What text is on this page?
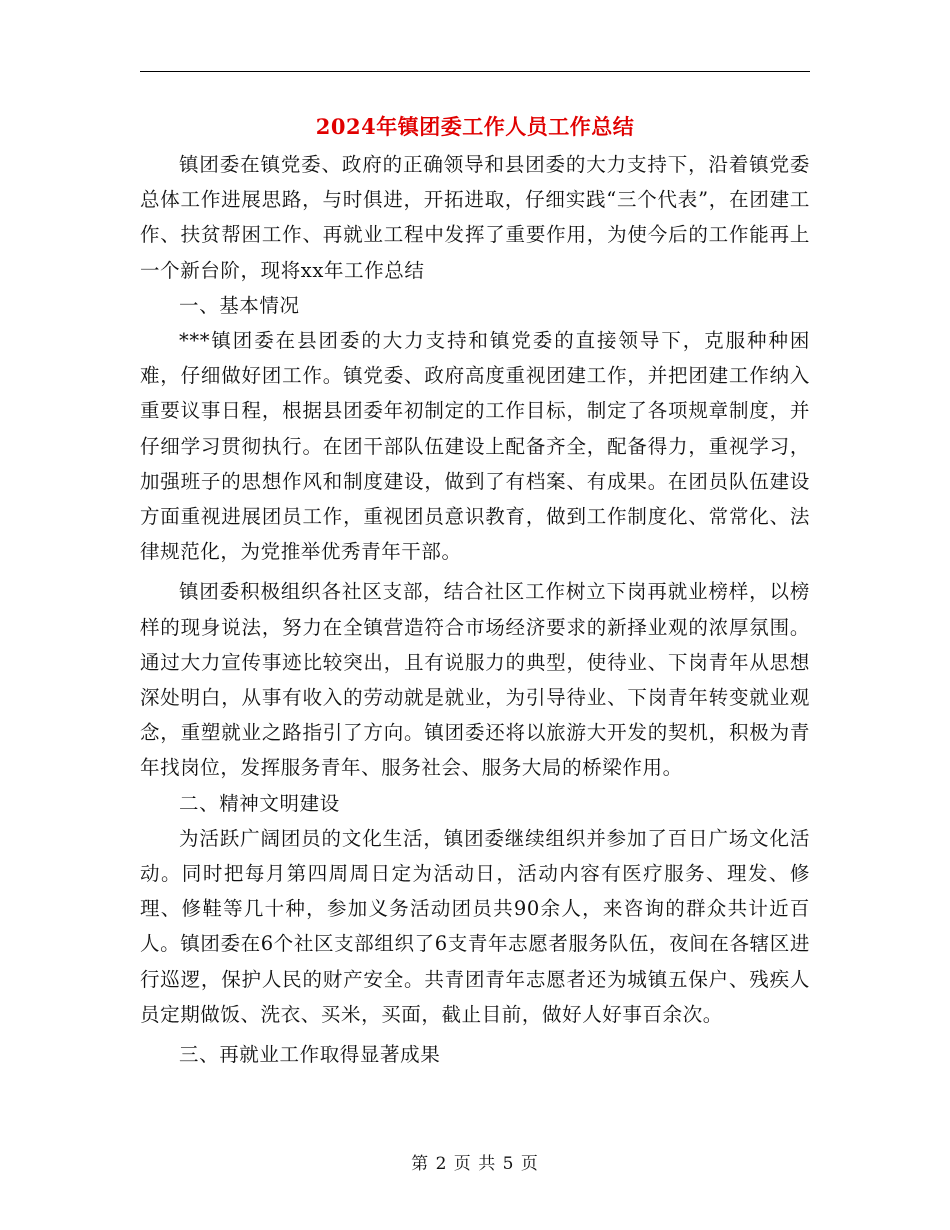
2024年镇团委工作人员工作总结

镇团委在镇党委、政府的正确领导和县团委的大力支持下，沿着镇党委总体工作进展思路，与时俱进，开拓进取，仔细实践“三个代表”，在团建工作、扶贫帮困工作、再就业工程中发挥了重要作用，为使今后的工作能再上一个新台阶，现将xx年工作总结

一、基本情况

***镇团委在县团委的大力支持和镇党委的直接领导下，克服种种困难，仔细做好团工作。镇党委、政府高度重视团建工作，并把团建工作纳入重要议事日程，根据县团委年初制定的工作目标，制定了各项规章制度，并仔细学习贯彻执行。在团干部队伍建设上配备齐全，配备得力，重视学习，加强班子的思想作风和制度建设，做到了有档案、有成果。在团员队伍建设方面重视进展团员工作，重视团员意识教育，做到工作制度化、常常化、法律规范化，为党推举优秀青年干部。

镇团委积极组织各社区支部，结合社区工作树立下岗再就业榜样，以榜样的现身说法，努力在全镇营造符合市场经济要求的新择业观的浓厚氛围。通过大力宣传事迹比较突出，且有说服力的典型，使待业、下岗青年从思想深处明白，从事有收入的劳动就是就业，为引导待业、下岗青年转变就业观念，重塑就业之路指引了方向。镇团委还将以旅游大开发的契机，积极为青年找岗位，发挥服务青年、服务社会、服务大局的桥梁作用。

二、精神文明建设

为活跃广阔团员的文化生活，镇团委继续组织并参加了百日广场文化活动。同时把每月第四周周日定为活动日，活动内容有医疗服务、理发、修理、修鞋等几十种，参加义务活动团员共90余人，来咨询的群众共计近百人。镇团委在6个社区支部组织了6支青年志愿者服务队伍，夜间在各辖区进行巡逻，保护人民的财产安全。共青团青年志愿者还为城镇五保户、残疾人员定期做饭、洗衣、买米，买面，截止目前，做好人好事百余次。

三、再就业工作取得显著成果

第 2 页 共 5 页
